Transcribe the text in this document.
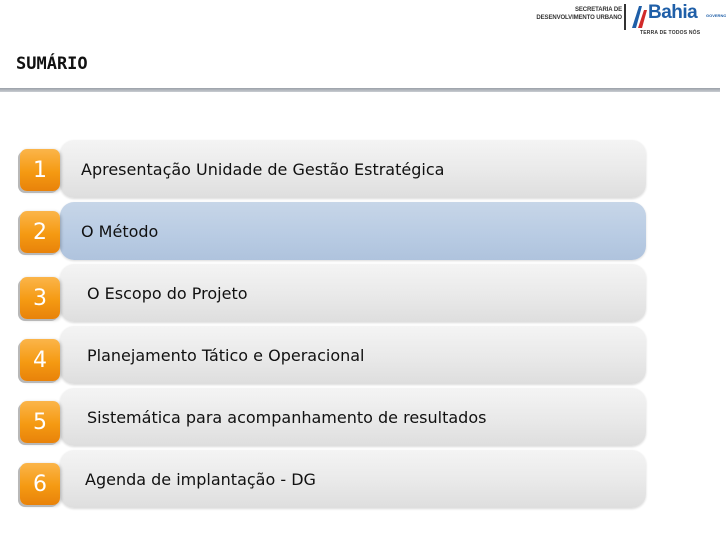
SECRETARIA DE
DESENVOLVIMENTO URBANO Bahia GOVERNO
TERRA DE TODOS NÓS
SUMÁRIO
1	Apresentação Unidade de Gestão Estratégica
2	O Método
3	O Escopo do Projeto
4	Planejamento Tático e Operacional
5	Sistemática para acompanhamento de resultados
6	Agenda de implantação - DG
